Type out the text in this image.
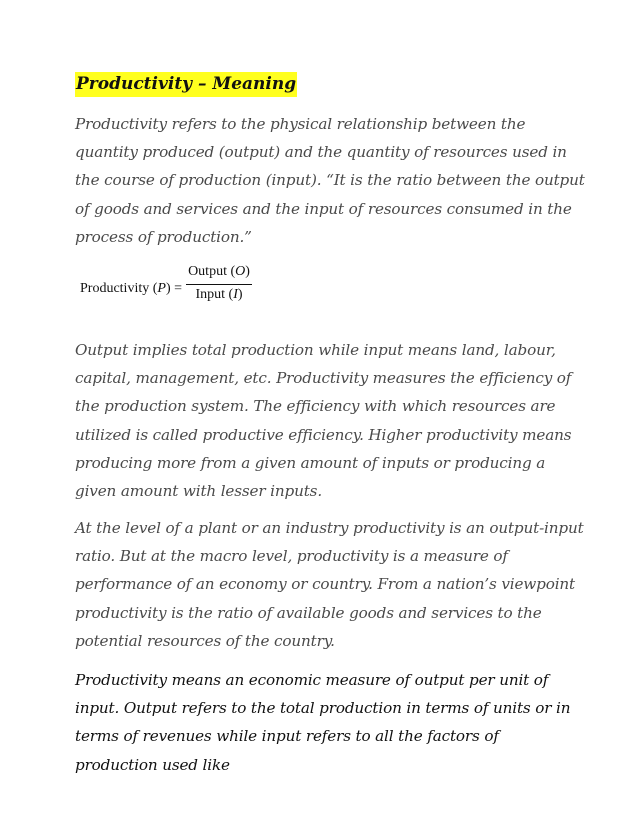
Productivity – Meaning

Productivity refers to the physical relationship between the quantity produced (output) and the quantity of resources used in the course of production (input). “It is the ratio between the output of goods and services and the input of resources consumed in the process of production.”

Productivity (P) =
Output (O)
Input (I)

Output implies total production while input means land, labour, capital, management, etc. Productivity measures the efficiency of the production system. The efficiency with which resources are utilized is called productive efficiency. Higher productivity means producing more from a given amount of inputs or producing a given amount with lesser inputs.

At the level of a plant or an industry productivity is an output-input ratio. But at the macro level, productivity is a measure of performance of an economy or country. From a nation’s viewpoint productivity is the ratio of available goods and services to the potential resources of the country.

Productivity means an economic measure of output per unit of input. Output refers to the total production in terms of units or in terms of revenues while input refers to all the factors of production used like
